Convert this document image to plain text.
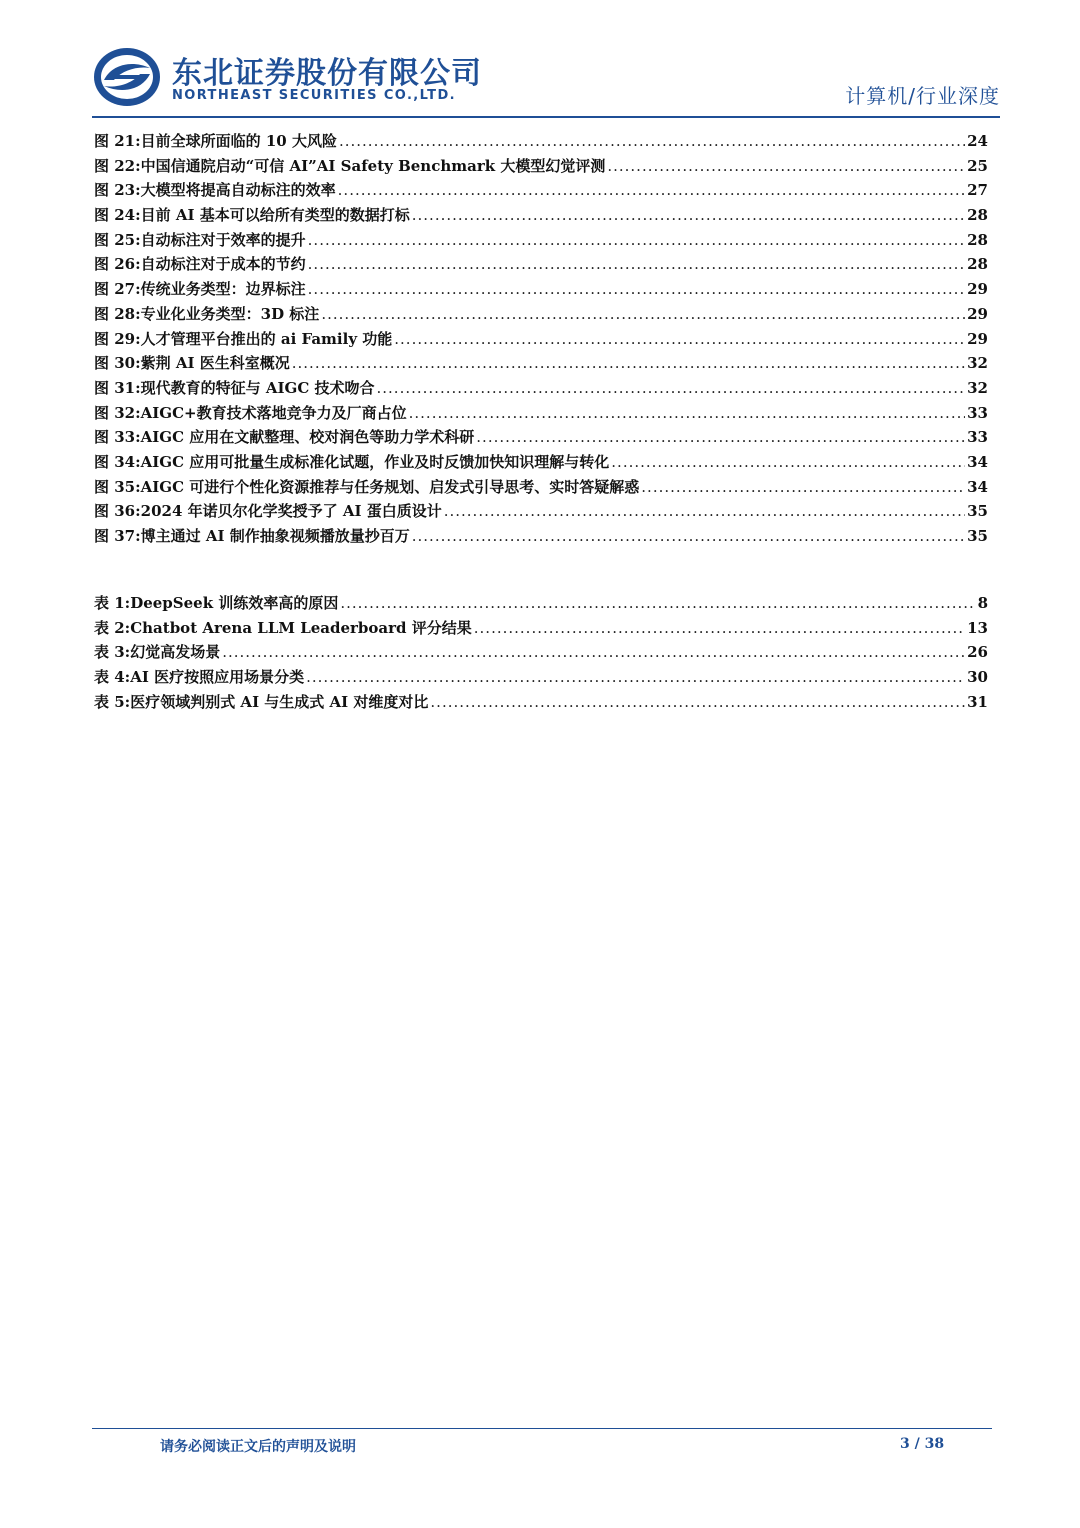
东北证券股份有限公司
NORTHEAST SECURITIES CO.,LTD.	计算机/行业深度
图 21: 目前全球所面临的 10 大风险 .....	24
图 22: 中国信通院启动“可信 AI”AI Safety Benchmark 大模型幻觉评测 .....	25
图 23: 大模型将提高自动标注的效率 .....	27
图 24: 目前 AI 基本可以给所有类型的数据打标 .....	28
图 25: 自动标注对于效率的提升 .....	28
图 26: 自动标注对于成本的节约 .....	28
图 27: 传统业务类型：边界标注 .....	29
图 28: 专业化业务类型：3D 标注 .....	29
图 29: 人才管理平台推出的 ai Family 功能 .....	29
图 30: 紫荆 AI 医生科室概况 .....	32
图 31: 现代教育的特征与 AIGC 技术吻合 .....	32
图 32: AIGC+教育技术落地竞争力及厂商占位 .....	33
图 33: AIGC 应用在文献整理、校对润色等助力学术科研 .....	33
图 34: AIGC 应用可批量生成标准化试题，作业及时反馈加快知识理解与转化 .....	34
图 35: AIGC 可进行个性化资源推荐与任务规划、启发式引导思考、实时答疑解惑 .....	34
图 36: 2024 年诺贝尔化学奖授予了 AI 蛋白质设计 .....	35
图 37: 博主通过 AI 制作抽象视频播放量抄百万 .....	35
表 1: DeepSeek 训练效率高的原因 .....	8
表 2: Chatbot Arena LLM Leaderboard 评分结果 .....	13
表 3: 幻觉高发场景 .....	26
表 4: AI 医疗按照应用场景分类 .....	30
表 5: 医疗领域判别式 AI 与生成式 AI 对维度对比 .....	31
请务必阅读正文后的声明及说明	3 / 38
